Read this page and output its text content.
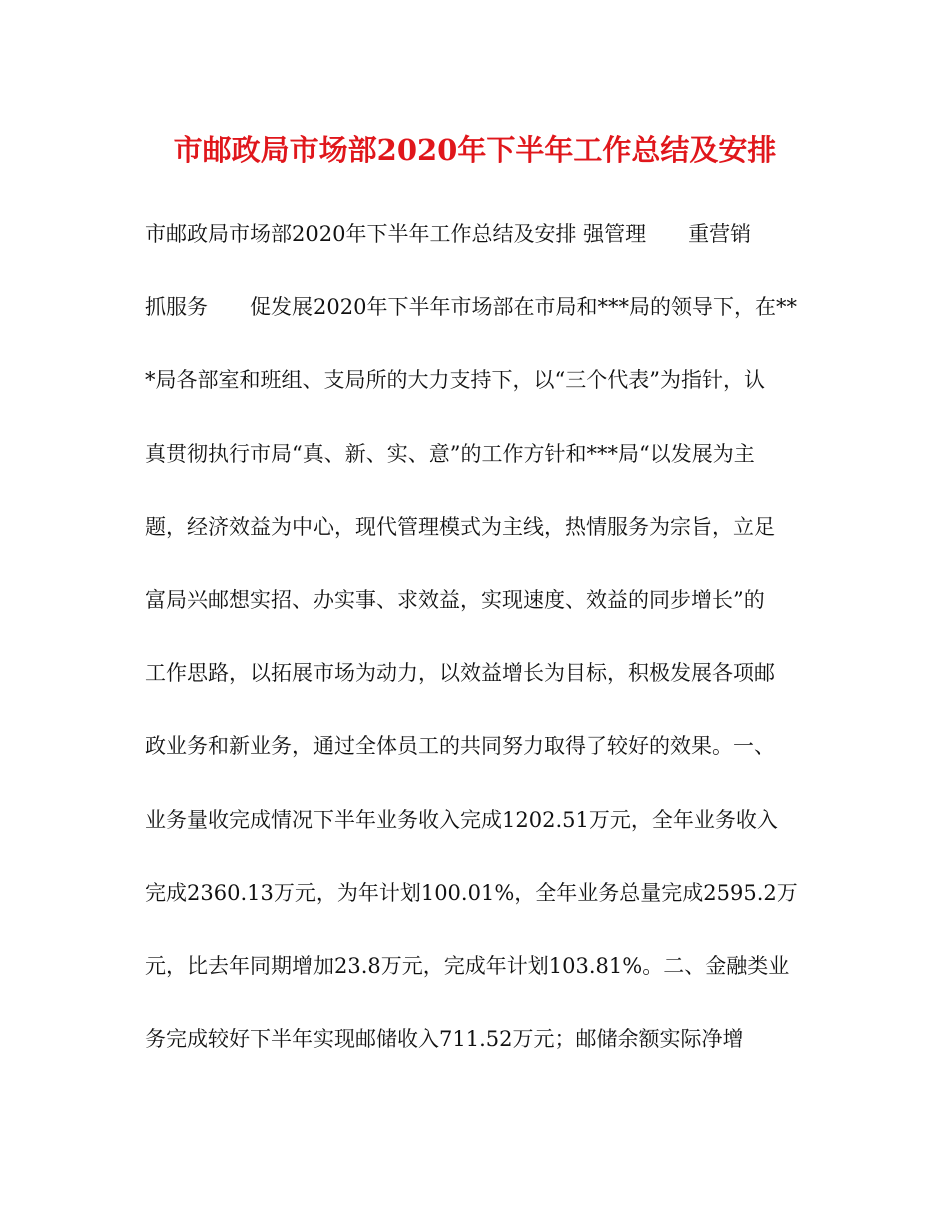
市邮政局市场部2020年下半年工作总结及安排
市邮政局市场部2020年下半年工作总结及安排 强管理　　重营销
抓服务　　促发展2020年下半年市场部在市局和***局的领导下，在**
*局各部室和班组、支局所的大力支持下，以“三个代表”为指针，认
真贯彻执行市局“真、新、实、意”的工作方针和***局“以发展为主
题，经济效益为中心，现代管理模式为主线，热情服务为宗旨，立足
富局兴邮想实招、办实事、求效益，实现速度、效益的同步增长”的
工作思路，以拓展市场为动力，以效益增长为目标，积极发展各项邮
政业务和新业务，通过全体员工的共同努力取得了较好的效果。一、
业务量收完成情况下半年业务收入完成1202.51万元，全年业务收入
完成2360.13万元，为年计划100.01%，全年业务总量完成2595.2万
元，比去年同期增加23.8万元，完成年计划103.81%。二、金融类业
务完成较好下半年实现邮储收入711.52万元；邮储余额实际净增
